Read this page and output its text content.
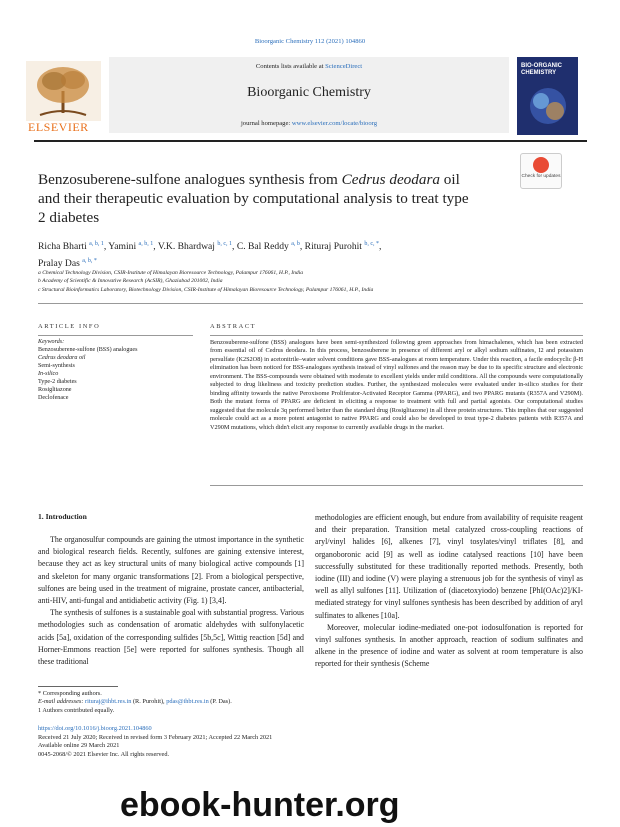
Bioorganic Chemistry 112 (2021) 104860
ELSEVIER
Contents lists available at ScienceDirect
Bioorganic Chemistry
journal homepage: www.elsevier.com/locate/bioorg
BIO-ORGANIC
CHEMISTRY
Benzosuberene-sulfone analogues synthesis from Cedrus deodara oil and their therapeutic evaluation by computational analysis to treat type 2 diabetes
Check for updates
Richa Bharti $^{a, b, 1}$, Yamini $^{a, b, 1}$, V.K. Bhardwaj $^{b, c, 1}$, C. Bal Reddy $^{a, b}$, Rituraj Purohit $^{b, c, *}$,
Pralay Das $^{a, b, *}$
a Chemical Technology Division, CSIR-Institute of Himalayan Bioresource Technology, Palampur 176061, H.P., India
b Academy of Scientific & Innovative Research (AcSIR), Ghaziabad 201002, India
c Structural Bioinformatics Laboratory, Biotechnology Division, CSIR-Institute of Himalayan Bioresource Technology, Palampur 176061, H.P., India
ARTICLE INFO	ABSTRACT
Keywords:
Benzosuberene-sulfone (BSS) analogues
Cedrus deodara oil
Semi-synthesis
In-silico
Type-2 diabetes
Rosiglitazone
Declofenace
Benzosuberene-sulfone (BSS) analogues have been semi-synthesized following green approaches from himachalenes, which has been extracted from essential oil of Cedrus deodara. In this process, benzosuberene in presence of different aryl or alkyl sodium sulfinates, I2 and potassium persulfate (K2S2O8) in acetonitrile–water solvent conditions gave BSS-analogues at room temperature. Under this reaction, a facile endocyclic β-H elimination has been noticed for BSS-analogues synthesis instead of vinyl sulfones and the reason may be due to its specific structure and electronic environment. The BSS-compounds were obtained with moderate to excellent yields under mild conditions. All the compounds were computationally subjected to drug likeliness and toxicity prediction studies. Further, the synthesized molecules were evaluated under in-silico studies for their binding affinity towards the native Peroxisome Proliferator-Activated Receptor Gamma (PPARG), and two PPARG mutants (R357A and V290M). Both the mutant forms of PPARG are deficient in eliciting a response to treatment with full and partial agonists. Our computational studies suggested that the molecule 3q performed better than the standard drug (Rosiglitazone) in all three protein structures. This implies that our suggested molecule could act as a more potent antagonist to native PPARG and could also be developed to treat type-2 diabetes patients with R357A and V290M mutations, which didn't elicit any response to currently available drugs in the market.
1. Introduction

The organosulfur compounds are gaining the utmost importance in the synthetic and biological research fields. Recently, sulfones are gaining extensive interest, because they act as key structural units of many biological active compounds [1] and skeleton for many organic transformations [2]. From a biological perspective, sulfones are being used in the treatment of migraine, prostate cancer, antibacterial, anti-HIV, anti-fungal and antidiabetic activity (Fig. 1) [3,4].

The synthesis of sulfones is a sustainable goal with substantial progress. Various methodologies such as condensation of aromatic aldehydes with sulfonylacetic acids [5a], oxidation of the corresponding sulfides [5b,5c], Wittig reaction [5d] and Horner-Emmons reaction [5e] were reported for sulfones synthesis. Though all these traditional

methodologies are efficient enough, but endure from availability of requisite reagent and their preparation. Transition metal catalyzed cross-coupling reactions of aryl/vinyl halides [6], alkenes [7], vinyl tosylates/vinyl triflates [8], and organoboronic acid [9] as well as iodine catalysed reactions [10] have been successfully substituted for these traditionally reported methods. Presently, both iodine (III) and iodine (V) were playing a strenuous job for the synthesis of vinyl as well as allyl sulfones [11]. Utilization of (diacetoxyiodo) benzene [PhI(OAc)2]/KI-mediated strategy for vinyl sulfones synthesis has been described by addition of aryl sulfinates to alkenes [10a].

Moreover, molecular iodine-mediated one-pot iodosulfonation is reported for vinyl sulfones synthesis. In another approach, reaction of sodium sulfinates and alkene in the presence of iodine and water as solvent at room temperature is also reported for their synthesis (Scheme

* Corresponding authors.
E-mail addresses: rituraj@ihbt.res.in (R. Purohit), pdas@ihbt.res.in (P. Das).
1 Authors contributed equally.
https://doi.org/10.1016/j.bioorg.2021.104860
Received 21 July 2020; Received in revised form 3 February 2021; Accepted 22 March 2021
Available online 29 March 2021
0045-2068/© 2021 Elsevier Inc. All rights reserved.
ebook-hunter.org
